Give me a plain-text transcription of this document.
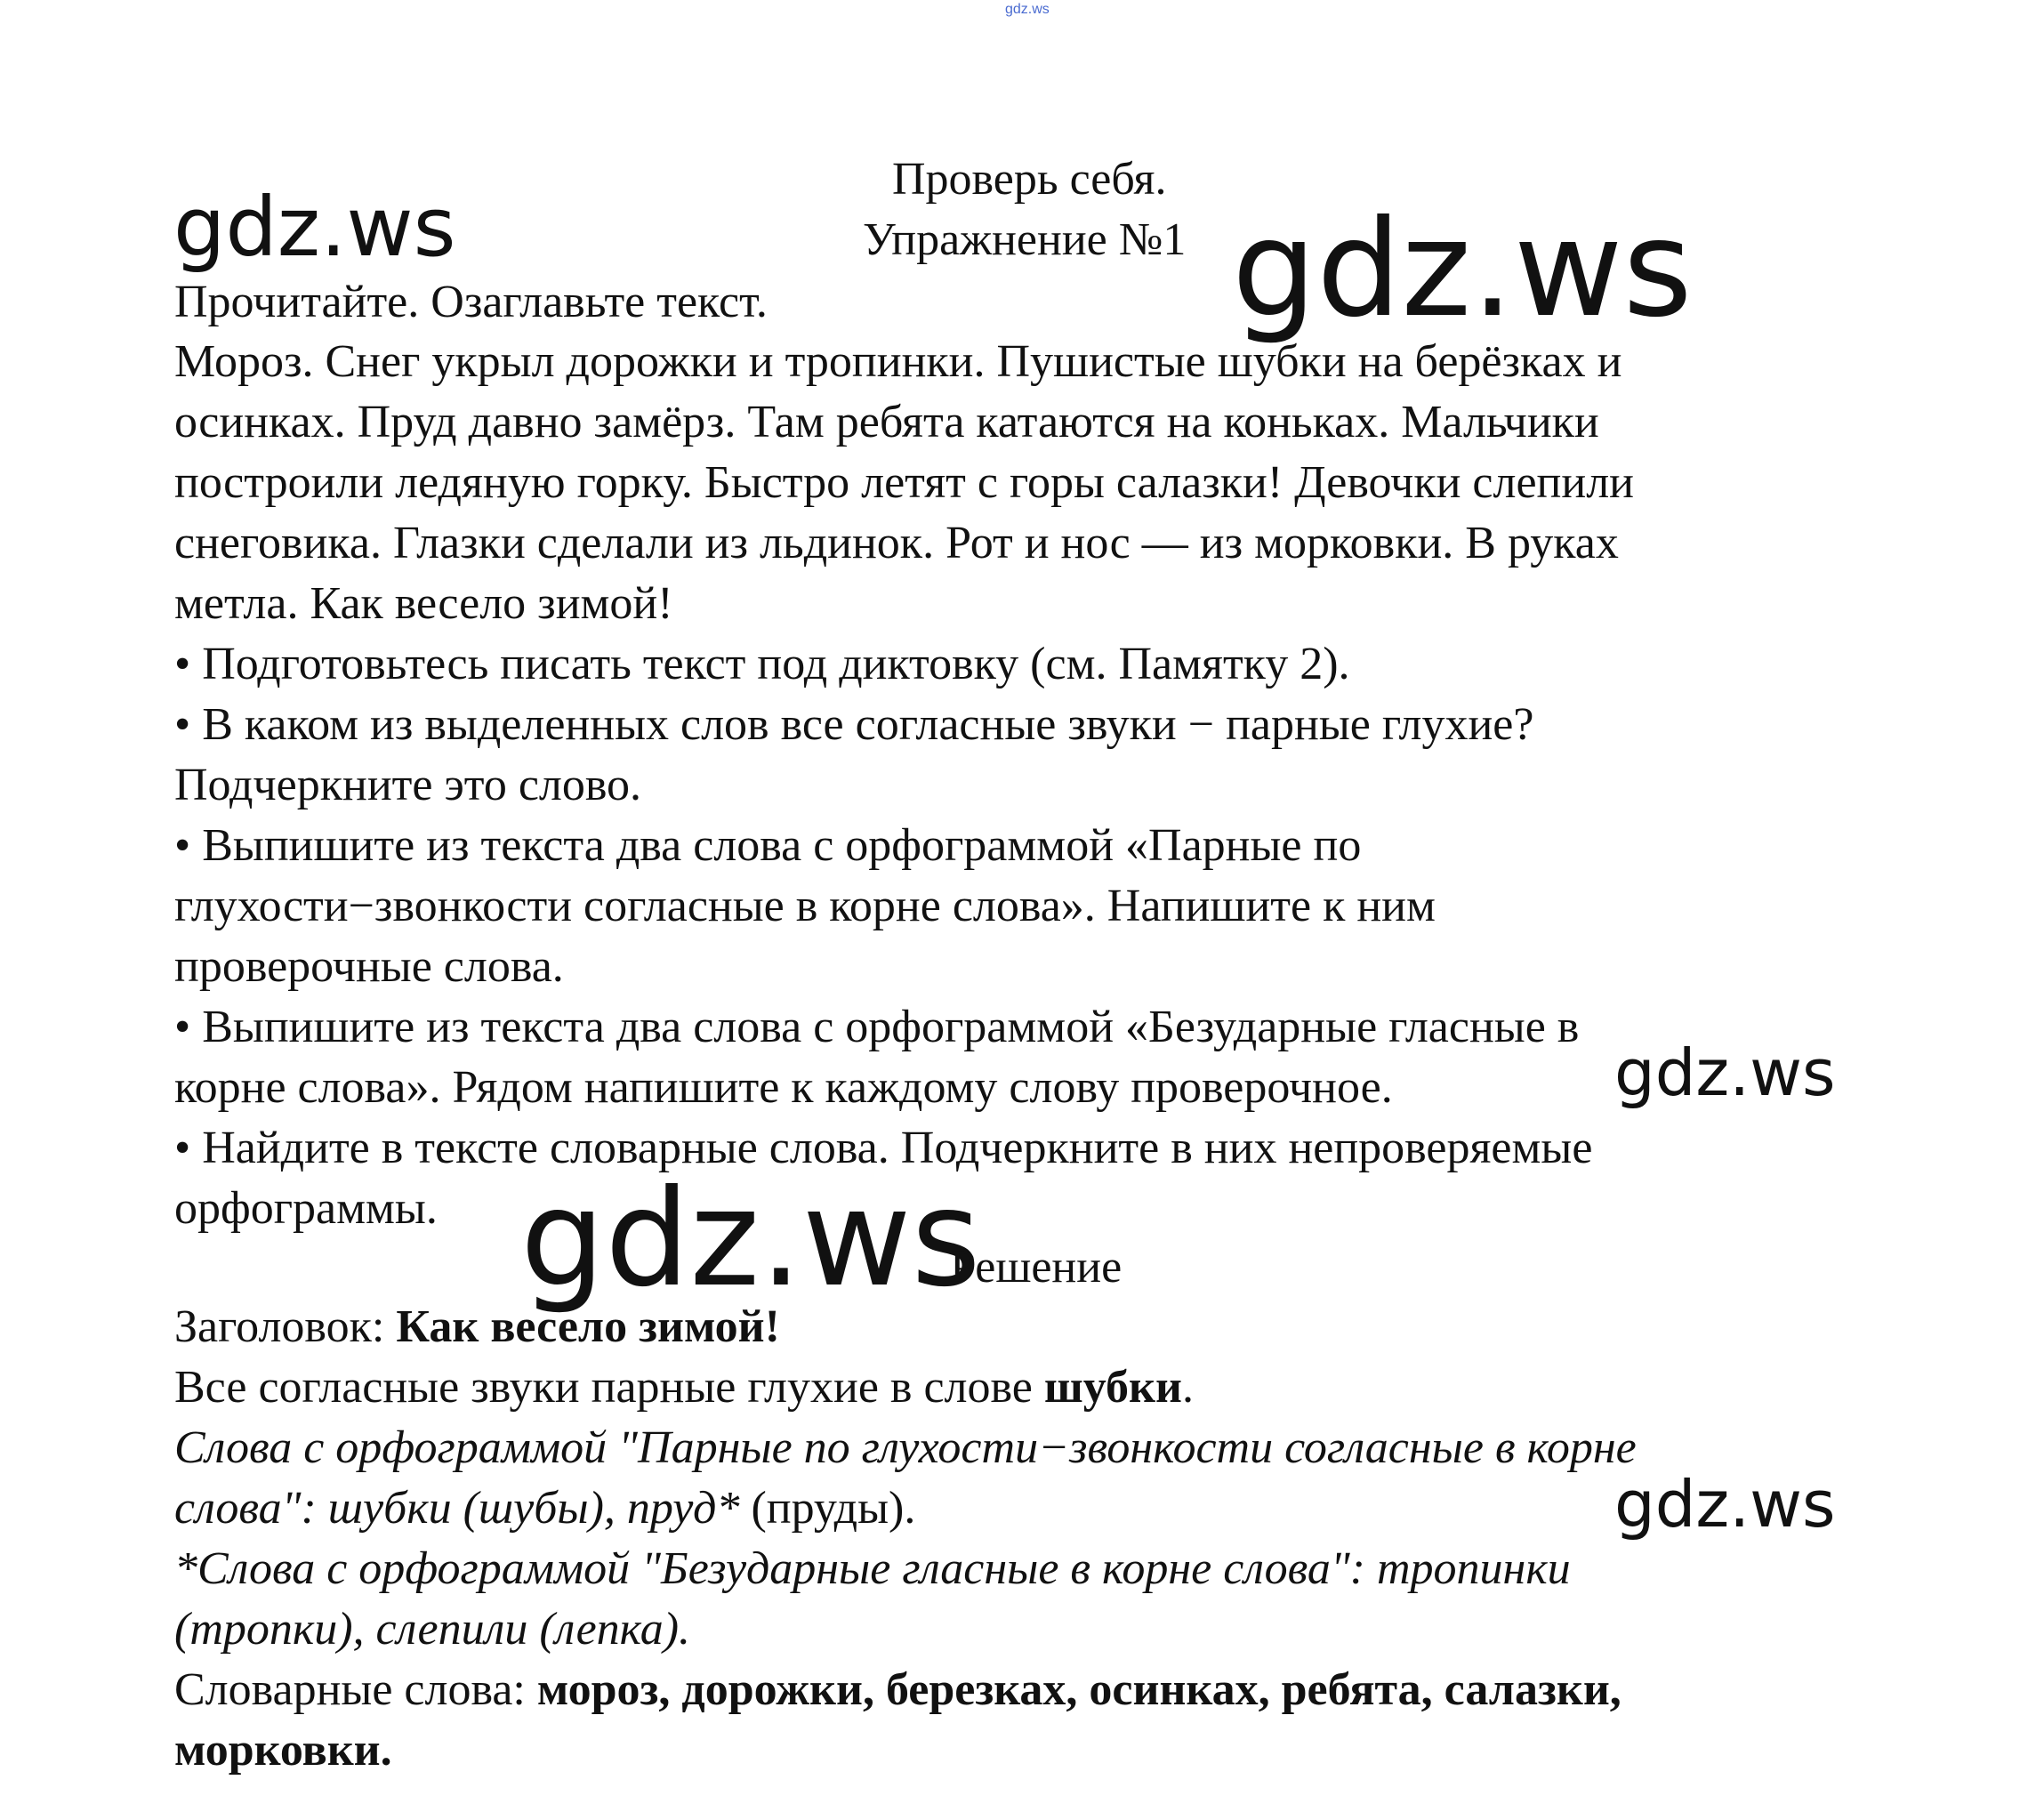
gdz.ws
gdz.ws	gdz.ws
gdz.ws
gdz.ws
gdz.ws
Проверь себя.
Упражнение №1
Прочитайте. Озаглавьте текст.
Мороз. Снег укрыл дорожки и тропинки. Пушистые шубки на берёзках и
осинках. Пруд давно замёрз. Там ребята катаются на коньках. Мальчики
построили ледяную горку. Быстро летят с горы салазки! Девочки слепили
снеговика. Глазки сделали из льдинок. Рот и нос — из морковки. В руках
метла. Как весело зимой!
• Подготовьтесь писать текст под диктовку (см. Памятку 2).
• В каком из выделенных слов все согласные звуки − парные глухие?
Подчеркните это слово.
• Выпишите из текста два слова с орфограммой «Парные по
глухости−звонкости согласные в корне слова». Напишите к ним
проверочные слова.
• Выпишите из текста два слова с орфограммой «Безударные гласные в
корне слова». Рядом напишите к каждому слову проверочное.
• Найдите в тексте словарные слова. Подчеркните в них непроверяемые
орфограммы.
Решение
Заголовок: Как весело зимой!
Все согласные звуки парные глухие в слове шубки.
Слова с орфограммой "Парные по глухости−звонкости согласные в корне
слова": шубки (шубы), пруд* (пруды).
*Слова с орфограммой "Безударные гласные в корне слова": тропинки
(тропки), слепили (лепка).
Словарные слова: мороз, дорожки, березках, осинках, ребята, салазки,
морковки.
